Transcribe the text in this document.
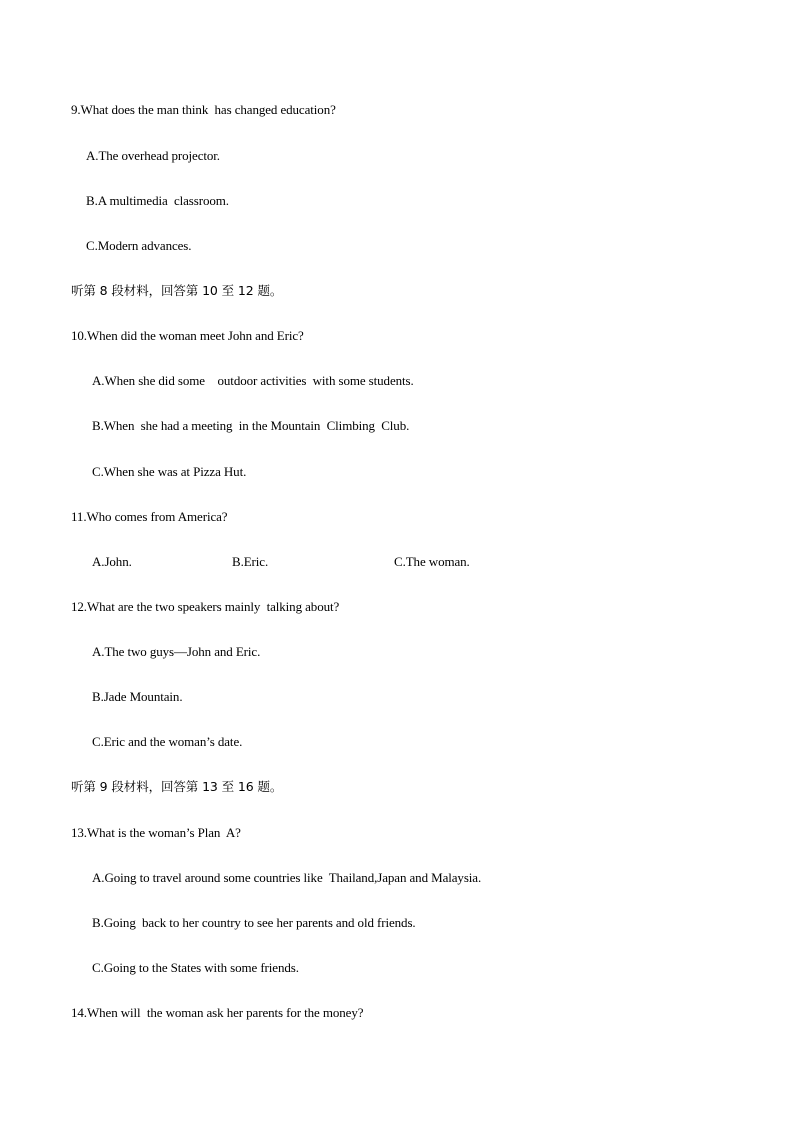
9.What does the man think  has changed education?
A.The overhead projector.
B.A multimedia  classroom.
C.Modern advances.
听第 8 段材料，回答第 10 至 12 题。
10.When did the woman meet John and Eric?
A.When she did some    outdoor activities  with some students.
B.When  she had a meeting  in the Mountain  Climbing  Club.
C.When she was at Pizza Hut.
11.Who comes from America?
A.John.	B.Eric.	C.The woman.
12.What are the two speakers mainly  talking about?
A.The two guys—John and Eric.
B.Jade Mountain.
C.Eric and the woman’s date.
听第 9 段材料，回答第 13 至 16 题。
13.What is the woman’s Plan  A?
A.Going to travel around some countries like  Thailand,Japan and Malaysia.
B.Going  back to her country to see her parents and old friends.
C.Going to the States with some friends.
14.When will  the woman ask her parents for the money?
